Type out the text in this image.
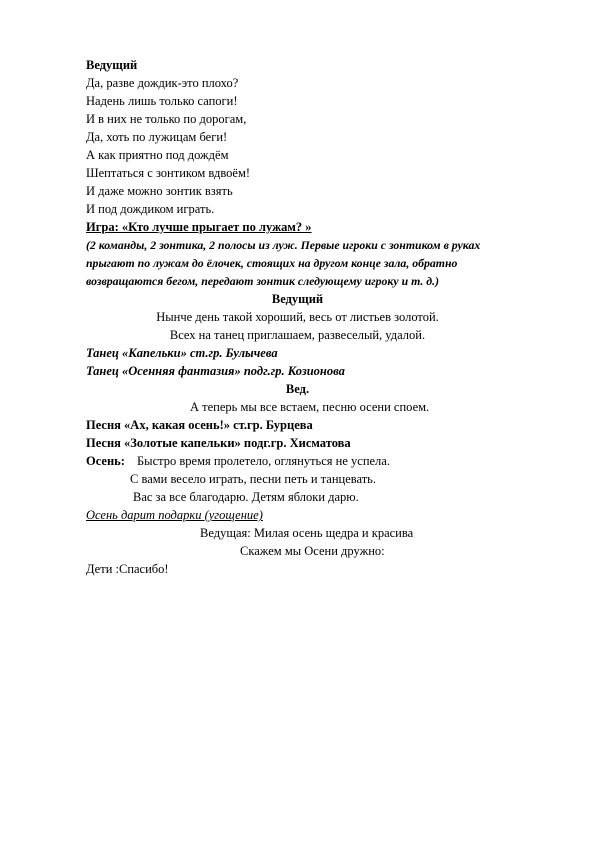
Ведущий
Да, разве дождик-это плохо?
Надень лишь только сапоги!
И в них не только по дорогам,
Да, хоть по лужицам беги!
А как приятно под дождём
Шептаться с зонтиком вдвоём!
И даже можно зонтик взять
И под дождиком играть.
Игра: «Кто лучше прыгает по лужам? »
(2 команды, 2 зонтика, 2 полосы из луж. Первые игроки с зонтиком в руках
прыгают по лужам до ёлочек, стоящих на другом конце зала, обратно
возвращаются бегом, передают зонтик следующему игроку и т. д.)
Ведущий
Нынче день такой хороший, весь от листьев золотой.
Всех на танец приглашаем, развеселый, удалой.
Танец «Капельки» ст.гр. Булычева
Танец «Осенняя фантазия» подг.гр. Козионова
Вед.
А теперь мы все встаем, песню осени споем.
Песня «Ах, какая осень!» ст.гр. Бурцева
Песня «Золотые капельки» подг.гр. Хисматова
Осень: Быстро время пролетело, оглянуться не успела.
С вами весело играть, песни петь и танцевать.
Вас за все благодарю. Детям яблоки дарю.
Осень дарит подарки (угощение)
Ведущая: Милая осень щедра и красива
Скажем мы Осени дружно:
Дети :Спасибо!
